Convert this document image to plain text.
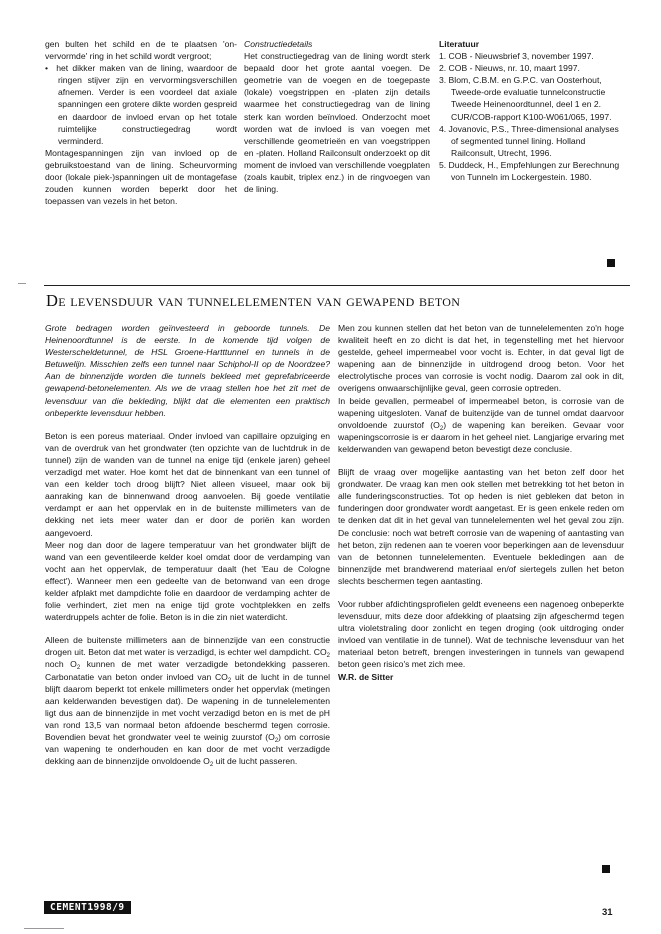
gen bulten het schild en de te plaatsen 'on-vervormde' ring in het schild wordt vergroot;

•  het dikker maken van de lining, waardoor de ringen stijver zijn en vervormingsverschillen afnemen. Verder is een voordeel dat axiale spanningen een grotere dikte worden gespreid en daardoor de invloed ervan op het totale ruimtelijke constructiegedrag wordt verminderd.

Montagespanningen zijn van invloed op de gebruikstoestand van de lining. Scheurvorming door (lokale piek-)spanningen uit de montagefase zouden kunnen worden beperkt door het toepassen van vezels in het beton.

Constructiedetails

Het constructiegedrag van de lining wordt sterk bepaald door het grote aantal voegen. De geometrie van de voegen en de toegepaste (lokale) voegstrippen en -platen zijn details waarmee het constructiegedrag van de lining sterk kan worden beïnvloed. Onderzocht moet worden wat de invloed is van voegen met verschillende geometrieën en van voegstrippen en -platen. Holland Railconsult onderzoekt op dit moment de invloed van verschillende voegplaten (zoals kaubit, triplex enz.) in de ringvoegen van de lining.

Literatuur

1. COB - Nieuwsbrief 3, november 1997.

2. COB - Nieuws, nr. 10, maart 1997.

3. Blom, C.B.M. en G.P.C. van Oosterhout, Tweede-orde evaluatie tunnelconstructie Tweede Heinenoordtunnel, deel 1 en 2. CUR/COB-rapport K100-W061/065, 1997.

4. Jovanovic, P.S., Three-dimensional analyses of segmented tunnel lining. Holland Railconsult, Utrecht, 1996.

5. Duddeck, H., Empfehlungen zur Berechnung von Tunneln im Lockergestein. 1980.

De levensduur van tunnelelementen van gewapend beton

Grote bedragen worden geïnvesteerd in geboorde tunnels. De Heinenoordtunnel is de eerste. In de komende tijd volgen de Westerscheldetunnel, de HSL Groene-Hartttunnel en tunnels in de Betuwelijn. Misschien zelfs een tunnel naar Schiphol-II op de Noordzee? Aan de binnenzijde worden die tunnels bekleed met geprefabriceerde gewapend-betonelementen. Als we de vraag stellen hoe het zit met de levensduur van die bekleding, blijkt dat die elementen een praktisch onbeperkte levensduur hebben.

Beton is een poreus materiaal. Onder invloed van capillaire opzuiging en van de overdruk van het grondwater (ten opzichte van de luchtdruk in de tunnel) zijn de wanden van de tunnel na enige tijd (enkele jaren) geheel verzadigd met water. Hoe komt het dat de binnenkant van een tunnel of van een kelder toch droog blijft? Niet alleen visueel, maar ook bij aanraking kan de binnenwand droog aanvoelen. Bij goede ventilatie verdampt er aan het oppervlak en in de buitenste millimeters van de dekking net iets meer water dan er door de poriën kan worden aangevoerd.

Meer nog dan door de lagere temperatuur van het grondwater blijft de wand van een geventileerde kelder koel omdat door de verdamping van vocht aan het oppervlak, de temperatuur daalt (het 'Eau de Cologne effect'). Wanneer men een gedeelte van de betonwand van een droge kelder afplakt met dampdichte folie en daardoor de verdamping achter de folie verhindert, ziet men na enige tijd grote vochtplekken en zelfs waterdruppels achter de folie. Beton is in die zin niet waterdicht.

Alleen de buitenste millimeters aan de binnenzijde van een constructie drogen uit. Beton dat met water is verzadigd, is echter wel dampdicht. $CO_2$ noch $O_2$ kunnen de met water verzadigde betondekking passeren. Carbonatatie van beton onder invloed van $CO_2$ uit de lucht in de tunnel blijft daarom beperkt tot enkele millimeters onder het oppervlak (metingen aan kelderwanden bevestigen dat). De wapening in de tunnelelementen ligt dus aan de binnenzijde in met vocht verzadigd beton en is met de pH van rond 13,5 van normaal beton afdoende beschermd tegen corrosie. Bovendien bevat het grondwater veel te weinig zuurstof $(O_2)$ om corrosie van wapening te onderhouden en kan door de met vocht verzadigde dekking aan de binnenzijde onvoldoende $O_2$ uit de lucht passeren.

Men zou kunnen stellen dat het beton van de tunnelelementen zo'n hoge kwaliteit heeft en zo dicht is dat het, in tegenstelling met het hiervoor gestelde, geheel impermeabel voor vocht is. Echter, in dat geval ligt de wapening aan de binnenzijde in uitdrogend droog beton. Voor het electrolytische proces van corrosie is vocht nodig. Daarom zal ook in dit, overigens onwaarschijnlijke geval, geen corrosie optreden.

In beide gevallen, permeabel of impermeabel beton, is corrosie van de wapening uitgesloten. Vanaf de buitenzijde van de tunnel omdat daarvoor onvoldoende zuurstof $(O_2)$ de wapening kan bereiken. Gevaar voor wapeningscorrosie is er daarom in het geheel niet. Langjarige ervaring met kelderwanden van gewapend beton bevestigt deze conclusie.

Blijft de vraag over mogelijke aantasting van het beton zelf door het grondwater. De vraag kan men ook stellen met betrekking tot het beton in alle funderingsconstructies. Tot op heden is niet gebleken dat beton in funderingen door grondwater wordt aangetast. Er is geen enkele reden om te denken dat dit in het geval van tunnelelementen wel het geval zou zijn. De conclusie: noch wat betreft corrosie van de wapening of aantasting van het beton, zijn redenen aan te voeren voor beperkingen aan de levensduur van de betonnen tunnelelementen. Eventuele bekledingen aan de binnenzijde met brandwerend materiaal en/of siertegels zullen het beton slechts beschermen tegen aantasting.

Voor rubber afdichtingsprofielen geldt eveneens een nagenoeg onbeperkte levensduur, mits deze door afdekking of plaatsing zijn afgeschermd tegen ultra violetstraling door zonlicht en tegen droging (ook uitdroging onder invloed van ventilatie in de tunnel). Wat de technische levensduur van het materiaal beton betreft, brengen investeringen in tunnels van gewapend beton geen risico's met zich mee.

W.R. de Sitter

CEMENT1998/9	31
